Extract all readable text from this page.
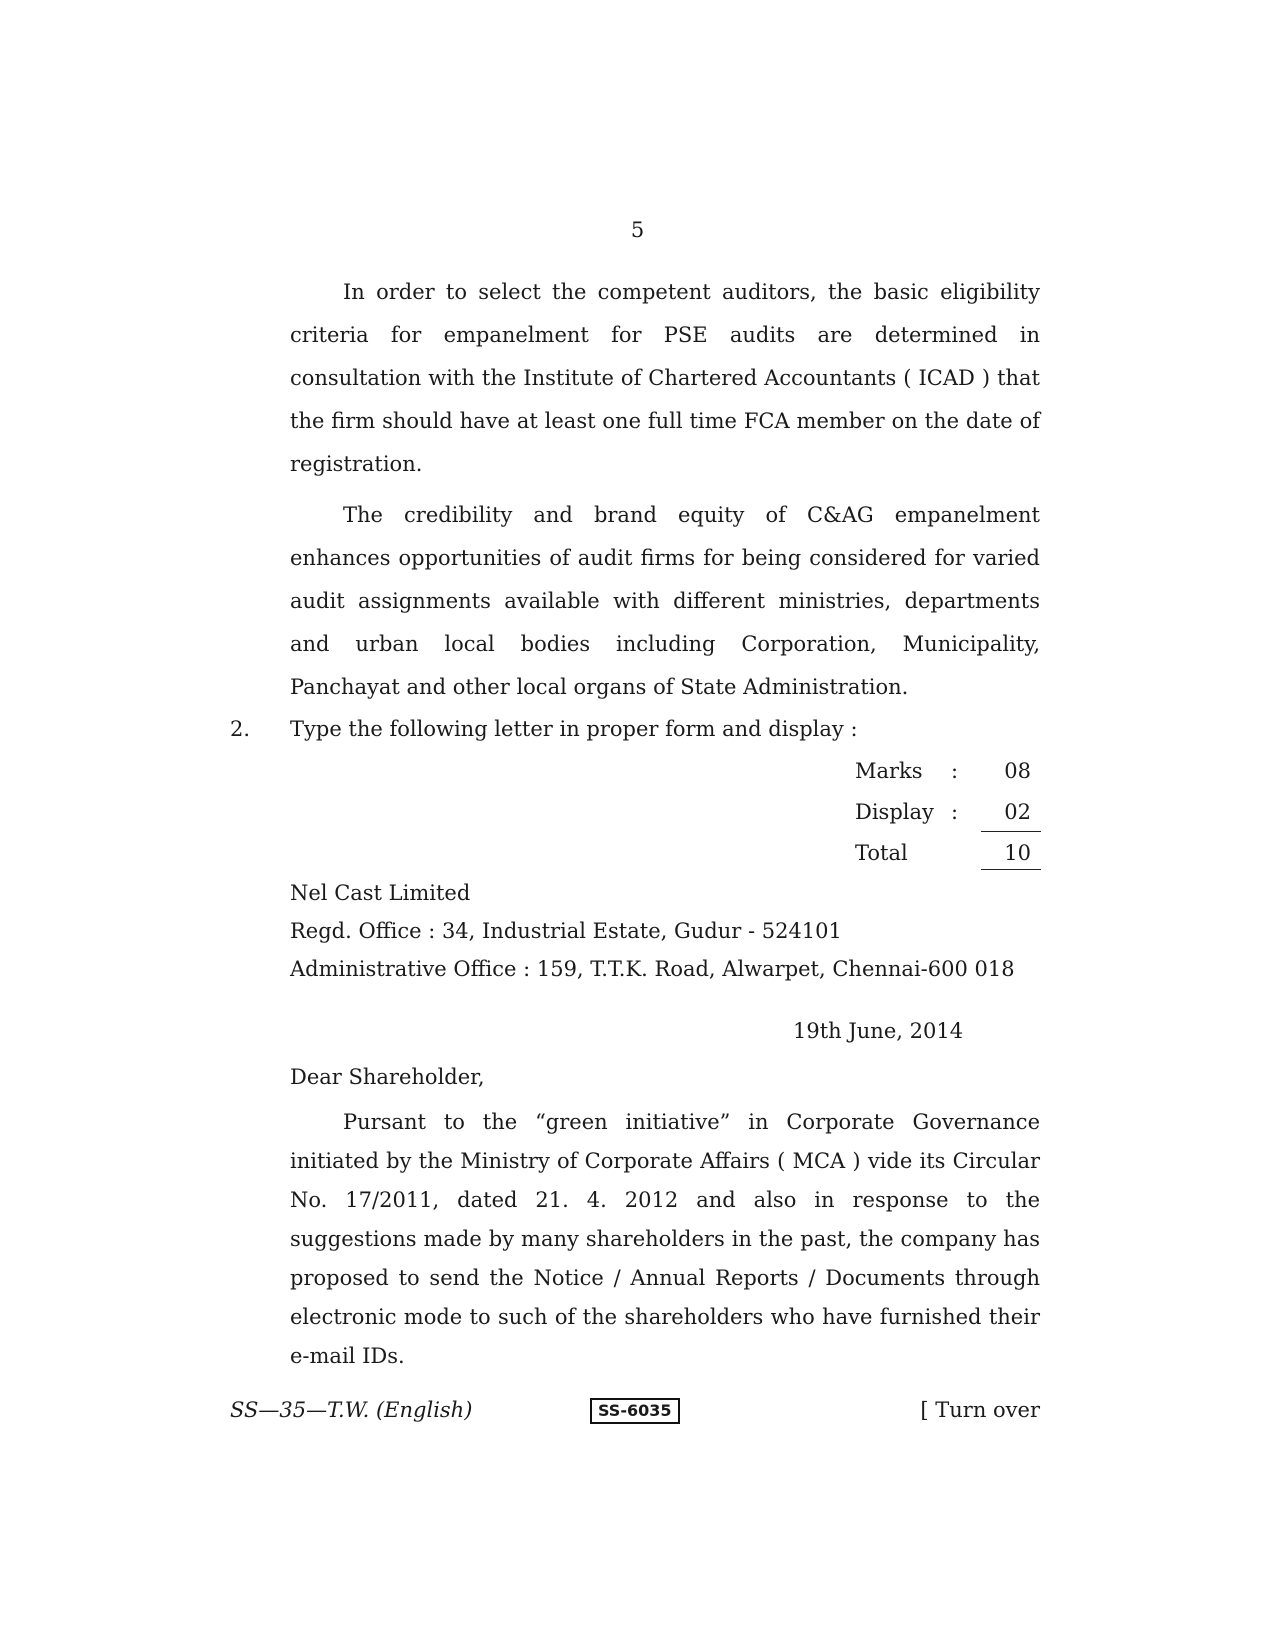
5

In order to select the competent auditors, the basic eligibility criteria for empanelment for PSE audits are determined in consultation with the Institute of Chartered Accountants ( ICAD ) that the firm should have at least one full time FCA member on the date of registration.

The credibility and brand equity of C&AG empanelment enhances opportunities of audit firms for being considered for varied audit assignments available with different ministries, departments and urban local bodies including Corporation, Municipality, Panchayat and other local organs of State Administration.

2. Type the following letter in proper form and display :
Marks :	08
Display :	02
Total	10
Nel Cast Limited
Regd. Office : 34, Industrial Estate, Gudur - 524101
Administrative Office : 159, T.T.K. Road, Alwarpet, Chennai-600 018
19th June, 2014
Dear Shareholder,

Pursant to the “green initiative” in Corporate Governance initiated by the Ministry of Corporate Affairs ( MCA ) vide its Circular No. 17/2011, dated 21. 4. 2012 and also in response to the suggestions made by many shareholders in the past, the company has proposed to send the Notice / Annual Reports / Documents through electronic mode to such of the shareholders who have furnished their e-mail IDs.

SS—35—T.W. (English)	SS-6035	[ Turn over
